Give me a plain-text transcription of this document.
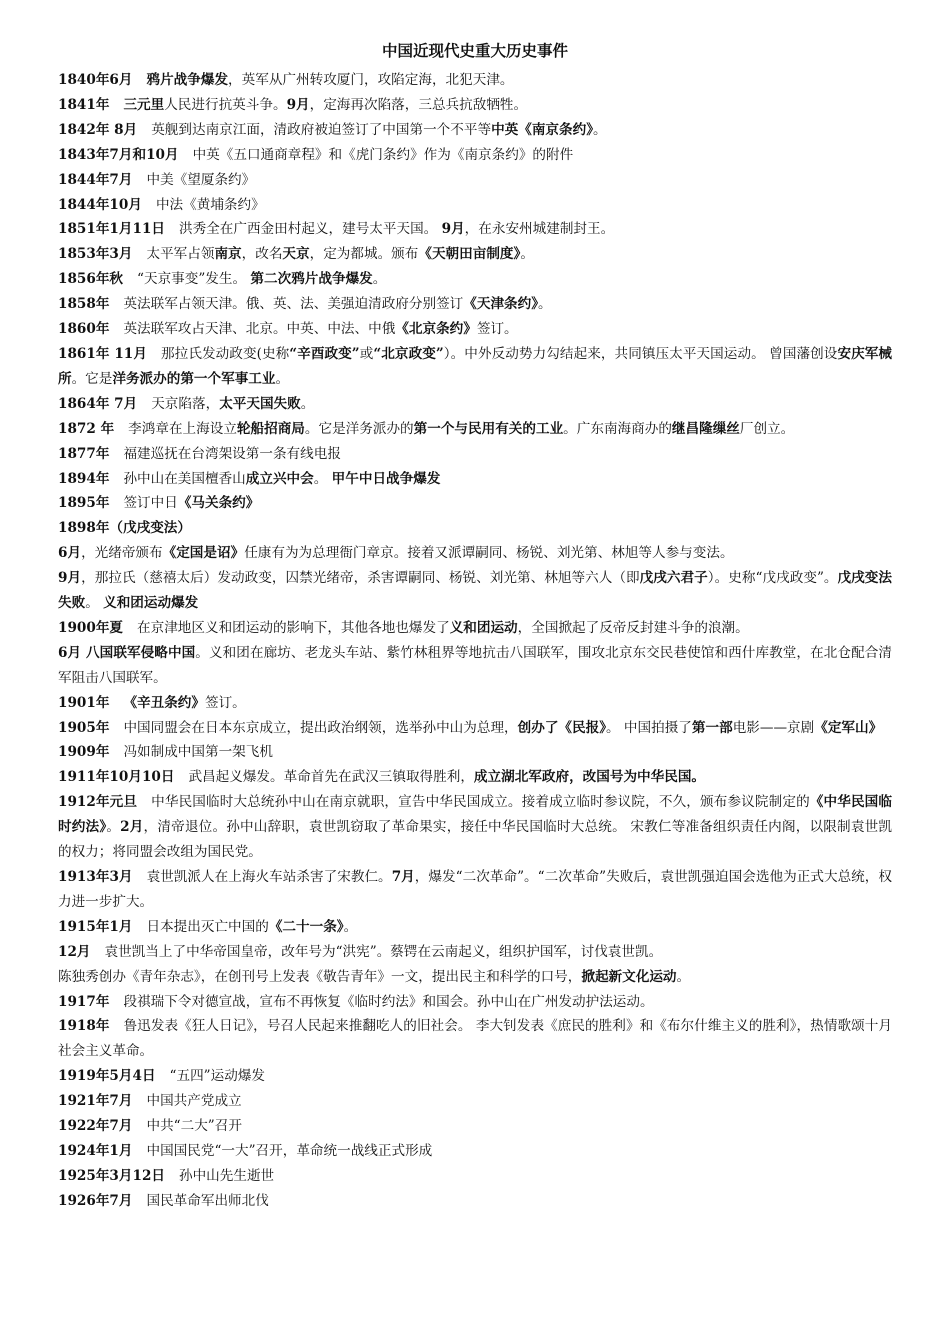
中国近现代史重大历史事件
1840年6月 鸦片战争爆发，英军从广州转攻厦门，攻陷定海，北犯天津。
1841年 三元里人民进行抗英斗争。9月，定海再次陷落，三总兵抗敌牺牲。
1842年 8月 英舰到达南京江面，清政府被迫签订了中国第一个不平等中英《南京条约》。
1843年7月和10月 中英《五口通商章程》和《虎门条约》作为《南京条约》的附件
1844年7月 中美《望厦条约》
1844年10月 中法《黄埔条约》
1851年1月11日 洪秀全在广西金田村起义，建号太平天国。 9月，在永安州城建制封王。
1853年3月 太平军占领南京，改名天京，定为都城。颁布《天朝田亩制度》。
1856年秋 “天京事变”发生。 第二次鸦片战争爆发。
1858年 英法联军占领天津。俄、英、法、美强迫清政府分别签订《天津条约》。
1860年 英法联军攻占天津、北京。中英、中法、中俄《北京条约》签订。
1861年 11月 那拉氏发动政变(史称“辛酉政变”或“北京政变”）。中外反动势力勾结起来，共同镇压太平天国运动。 曾国藩创设安庆军械所。它是洋务派办的第一个军事工业。
1864年 7月 天京陷落，太平天国失败。
1872 年 李鸿章在上海设立轮船招商局。它是洋务派办的第一个与民用有关的工业。广东南海商办的继昌隆缫丝厂创立。
1877年 福建巡抚在台湾架设第一条有线电报
1894年 孙中山在美国檀香山成立兴中会。 甲午中日战争爆发
1895年 签订中日《马关条约》
1898年（戊戌变法）
6月，光绪帝颁布《定国是诏》任康有为为总理衙门章京。接着又派谭嗣同、杨锐、刘光第、林旭等人参与变法。
9月，那拉氏（慈禧太后）发动政变，囚禁光绪帝，杀害谭嗣同、杨锐、刘光第、林旭等六人（即戊戌六君子）。史称“戊戌政变”。戊戌变法失败。 义和团运动爆发
1900年夏 在京津地区义和团运动的影响下，其他各地也爆发了义和团运动，全国掀起了反帝反封建斗争的浪潮。
6月 八国联军侵略中国。义和团在廊坊、老龙头车站、紫竹林租界等地抗击八国联军，围攻北京东交民巷使馆和西什库教堂，在北仓配合清军阻击八国联军。
1901年 《辛丑条约》签订。
1905年 中国同盟会在日本东京成立，提出政治纲领，选举孙中山为总理，创办了《民报》。 中国拍摄了第一部电影——京剧《定军山》
1909年 冯如制成中国第一架飞机
1911年10月10日 武昌起义爆发。革命首先在武汉三镇取得胜利，成立湖北军政府，改国号为中华民国。
1912年元旦 中华民国临时大总统孙中山在南京就职，宣告中华民国成立。接着成立临时参议院，不久，颁布参议院制定的《中华民国临时约法》。2月，清帝退位。孙中山辞职，袁世凯窃取了革命果实，接任中华民国临时大总统。 宋教仁等准备组织责任内阁，以限制袁世凯的权力；将同盟会改组为国民党。
1913年3月 袁世凯派人在上海火车站杀害了宋教仁。7月，爆发“二次革命”。“二次革命”失败后，袁世凯强迫国会选他为正式大总统，权力进一步扩大。
1915年1月 日本提出灭亡中国的《二十一条》。
12月 袁世凯当上了中华帝国皇帝，改年号为“洪宪”。蔡锷在云南起义，组织护国军，讨伐袁世凯。
陈独秀创办《青年杂志》，在创刊号上发表《敬告青年》一文，提出民主和科学的口号，掀起新文化运动。
1917年 段祺瑞下令对德宣战，宣布不再恢复《临时约法》和国会。孙中山在广州发动护法运动。
1918年 鲁迅发表《狂人日记》，号召人民起来推翻吃人的旧社会。 李大钊发表《庶民的胜利》和《布尔什维主义的胜利》，热情歌颂十月社会主义革命。
1919年5月4日 “五四”运动爆发
1921年7月 中国共产党成立
1922年7月 中共“二大”召开
1924年1月 中国国民党“一大”召开，革命统一战线正式形成
1925年3月12日 孙中山先生逝世
1926年7月 国民革命军出师北伐
